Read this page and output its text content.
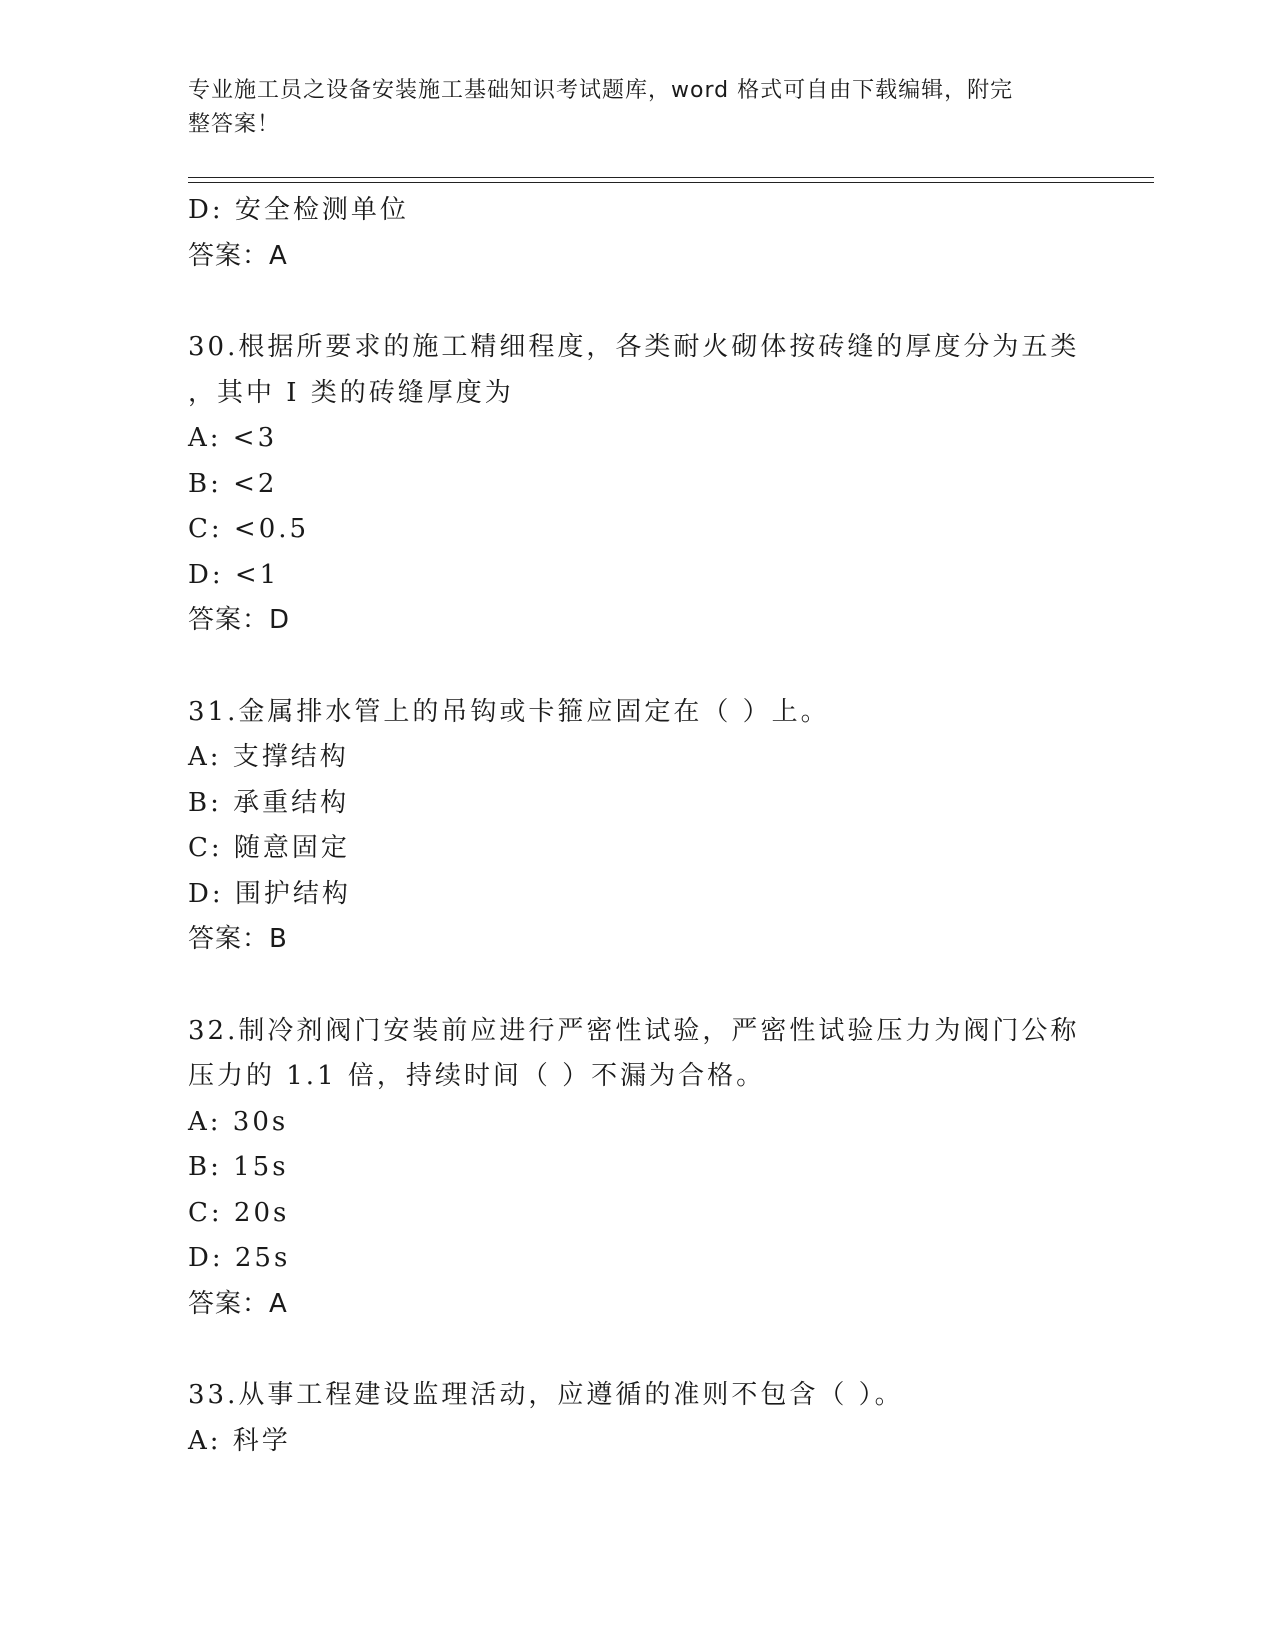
专业施工员之设备安装施工基础知识考试题库，word 格式可自由下载编辑，附完
整答案！
D: 安全检测单位
答案：A
30.根据所要求的施工精细程度，各类耐火砌体按砖缝的厚度分为五类
，其中 I 类的砖缝厚度为
A: <3
B: <2
C: <0.5
D: <1
答案：D
31.金属排水管上的吊钩或卡箍应固定在（ ）上。
A: 支撑结构
B: 承重结构
C: 随意固定
D: 围护结构
答案：B
32.制冷剂阀门安装前应进行严密性试验，严密性试验压力为阀门公称
压力的 1.1 倍，持续时间（ ）不漏为合格。
A: 30s
B: 15s
C: 20s
D: 25s
答案：A
33.从事工程建设监理活动，应遵循的准则不包含（ ）。
A: 科学
